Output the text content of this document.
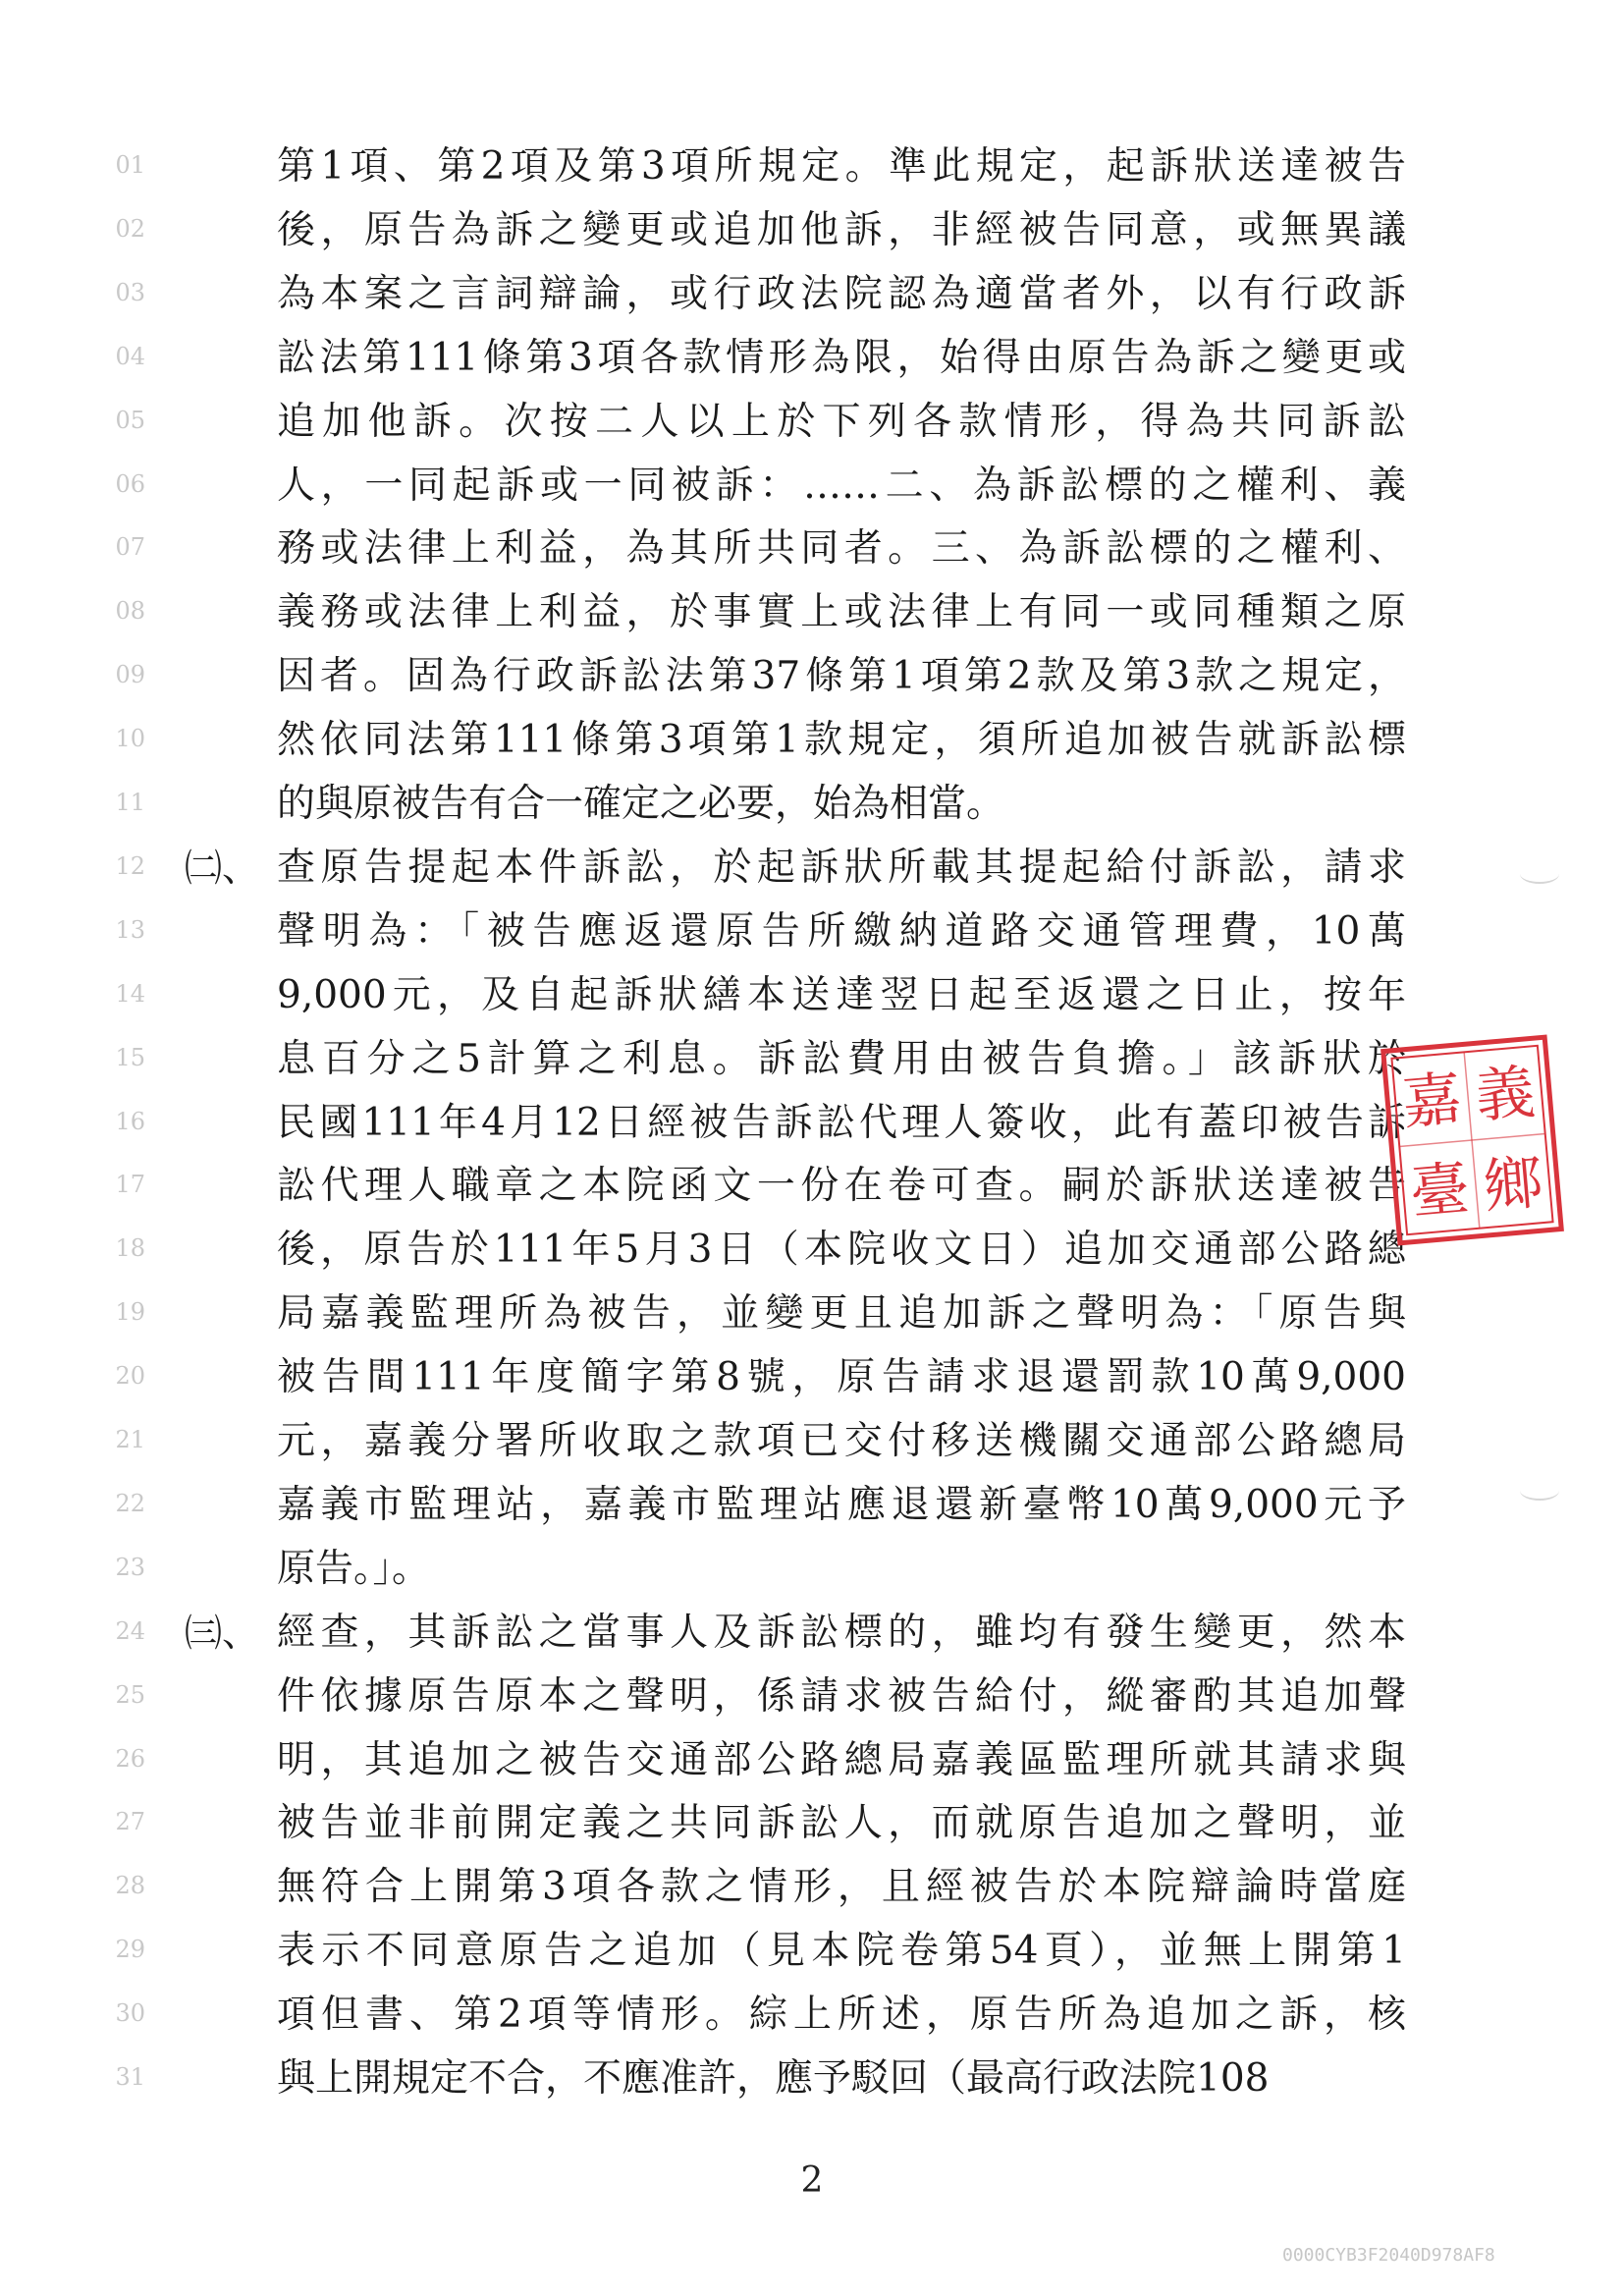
01	第1項、第2項及第3項所規定。準此規定，起訴狀送達被告
02	後，原告為訴之變更或追加他訴，非經被告同意，或無異議
03	為本案之言詞辯論，或行政法院認為適當者外，以有行政訴
04	訟法第111條第3項各款情形為限，始得由原告為訴之變更或
05	追加他訴。次按二人以上於下列各款情形，得為共同訴訟
06	人，一同起訴或一同被訴：……二、為訴訟標的之權利、義
07	務或法律上利益，為其所共同者。三、為訴訟標的之權利、
08	義務或法律上利益，於事實上或法律上有同一或同種類之原
09	因者。固為行政訴訟法第37條第1項第2款及第3款之規定，
10	然依同法第111條第3項第1款規定，須所追加被告就訴訟標
11	的與原被告有合一確定之必要，始為相當。
12 ㈡、 查原告提起本件訴訟，於起訴狀所載其提起給付訴訟，請求
13	聲明為：「被告應返還原告所繳納道路交通管理費，10萬
14	9,000元，及自起訴狀繕本送達翌日起至返還之日止，按年
15	息百分之5計算之利息。訴訟費用由被告負擔。」該訴狀於
16	民國111年4月12日經被告訴訟代理人簽收，此有蓋印被告訴
17	訟代理人職章之本院函文一份在卷可查。嗣於訴狀送達被告
18	後，原告於111年5月3日（本院收文日）追加交通部公路總
19	局嘉義監理所為被告，並變更且追加訴之聲明為：「原告與
20	被告間111年度簡字第8號，原告請求退還罰款10萬9,000
21	元，嘉義分署所收取之款項已交付移送機關交通部公路總局
22	嘉義市監理站，嘉義市監理站應退還新臺幣10萬9,000元予
23	原告。」。
24 ㈢、 經查，其訴訟之當事人及訴訟標的，雖均有發生變更，然本
25	件依據原告原本之聲明，係請求被告給付，縱審酌其追加聲
26	明，其追加之被告交通部公路總局嘉義區監理所就其請求與
27	被告並非前開定義之共同訴訟人，而就原告追加之聲明，並
28	無符合上開第3項各款之情形，且經被告於本院辯論時當庭
29	表示不同意原告之追加（見本院卷第54頁），並無上開第1
30	項但書、第2項等情形。綜上所述，原告所為追加之訴，核
31	與上開規定不合，不應准許，應予駁回（最高行政法院108
嘉 義
臺 鄉
2
0000CYB3F2040D978AF8
